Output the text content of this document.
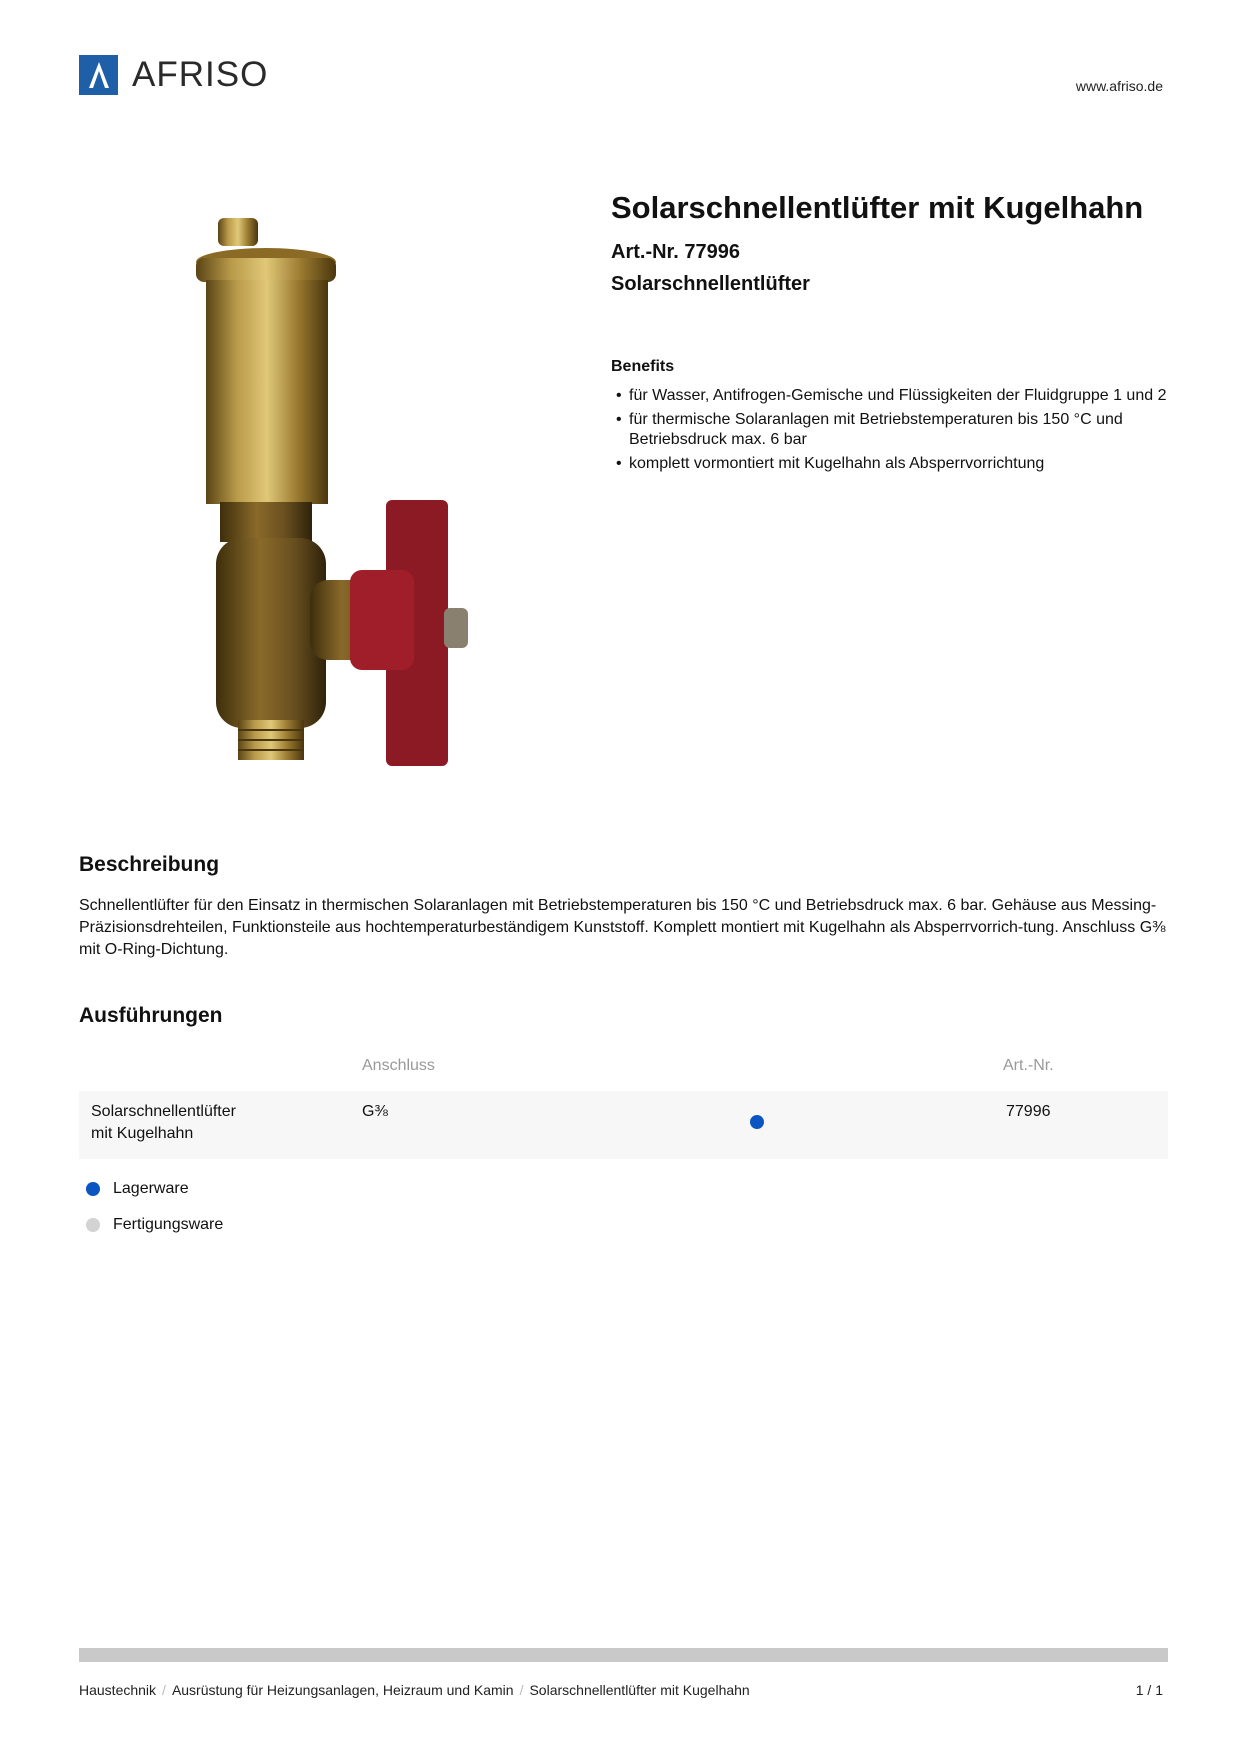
AFRISO	www.afriso.de
Solarschnellentlüfter mit Kugelhahn
Art.-Nr. 77996
Solarschnellentlüfter
Benefits
• für Wasser, Antifrogen-Gemische und Flüssigkeiten der Fluidgruppe 1 und 2
• für thermische Solaranlagen mit Betriebstemperaturen bis 150 °C und Betriebsdruck max. 6 bar
• komplett vormontiert mit Kugelhahn als Absperrvorrichtung
Beschreibung
Schnellentlüfter für den Einsatz in thermischen Solaranlagen mit Betriebstemperaturen bis 150 °C und Betriebsdruck max. 6 bar. Gehäuse aus Messing-Präzisionsdrehteilen, Funktionsteile aus hochtemperaturbeständigem Kunststoff. Komplett montiert mit Kugelhahn als Absperrvorrich-tung. Anschluss G⅜ mit O-Ring-Dichtung.
Ausführungen
Anschluss	Art.-Nr.
Solarschnellentlüfter
mit Kugelhahn
G⅜	77996
Lagerware
Fertigungsware
Haustechnik / Ausrüstung für Heizungsanlagen, Heizraum und Kamin / Solarschnellentlüfter mit Kugelhahn	1 / 1
